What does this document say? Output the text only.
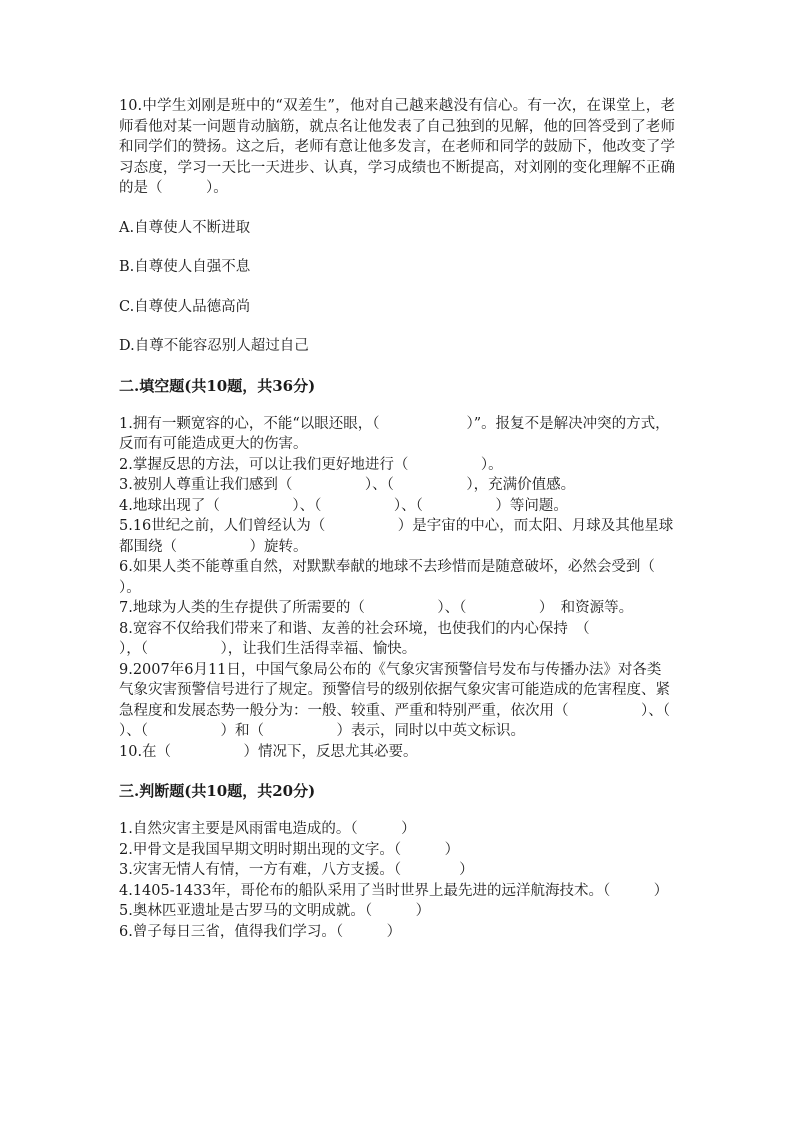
10.中学生刘刚是班中的“双差生”，他对自己越来越没有信心。有一次，在课堂上，老师看他对某一问题肯动脑筋，就点名让他发表了自己独到的见解，他的回答受到了老师和同学们的赞扬。这之后，老师有意让他多发言，在老师和同学的鼓励下，他改变了学习态度，学习一天比一天进步、认真，学习成绩也不断提高，对刘刚的变化理解不正确的是（　　　）。

A.自尊使人不断进取

B.自尊使人自强不息

C.自尊使人品德高尚

D.自尊不能容忍别人超过自己

二.填空题(共10题，共36分)

1.拥有一颗宽容的心，不能“以眼还眼，（　　　　　　）”。报复不是解决冲突的方式，反而有可能造成更大的伤害。

2.掌握反思的方法，可以让我们更好地进行（　　　　　）。

3.被别人尊重让我们感到（　　　　　）、（　　　　　），充满价值感。

4.地球出现了（　　　　　）、（　　　　　）、（　　　　　）等问题。

5.16世纪之前，人们曾经认为（　　　　　）是宇宙的中心，而太阳、月球及其他星球都围绕（　　　　　）旋转。

6.如果人类不能尊重自然，对默默奉献的地球不去珍惜而是随意破坏，必然会受到（　　　　　）。

7.地球为人类的生存提供了所需要的（　　　　　）、（　　　　　）　和资源等。

8.宽容不仅给我们带来了和谐、友善的社会环境，也使我们的内心保持　（　　　　　），（　　　　　），让我们生活得幸福、愉快。

9.2007年6月11日，中国气象局公布的《气象灾害预警信号发布与传播办法》对各类气象灾害预警信号进行了规定。预警信号的级别依据气象灾害可能造成的危害程度、紧急程度和发展态势一般分为：一般、较重、严重和特别严重，依次用（　　　　　）、（　　　　　）、（　　　　　）和（　　　　　）表示，同时以中英文标识。

10.在（　　　　　）情况下，反思尤其必要。

三.判断题(共10题，共20分)

1.自然灾害主要是风雨雷电造成的。（　　　）

2.甲骨文是我国早期文明时期出现的文字。（　　　）

3.灾害无情人有情，一方有难，八方支援。（　　　　）

4.1405-1433年，哥伦布的船队采用了当时世界上最先进的远洋航海技术。（　　　）

5.奥林匹亚遗址是古罗马的文明成就。（　　　）

6.曾子每日三省，值得我们学习。（　　　）
